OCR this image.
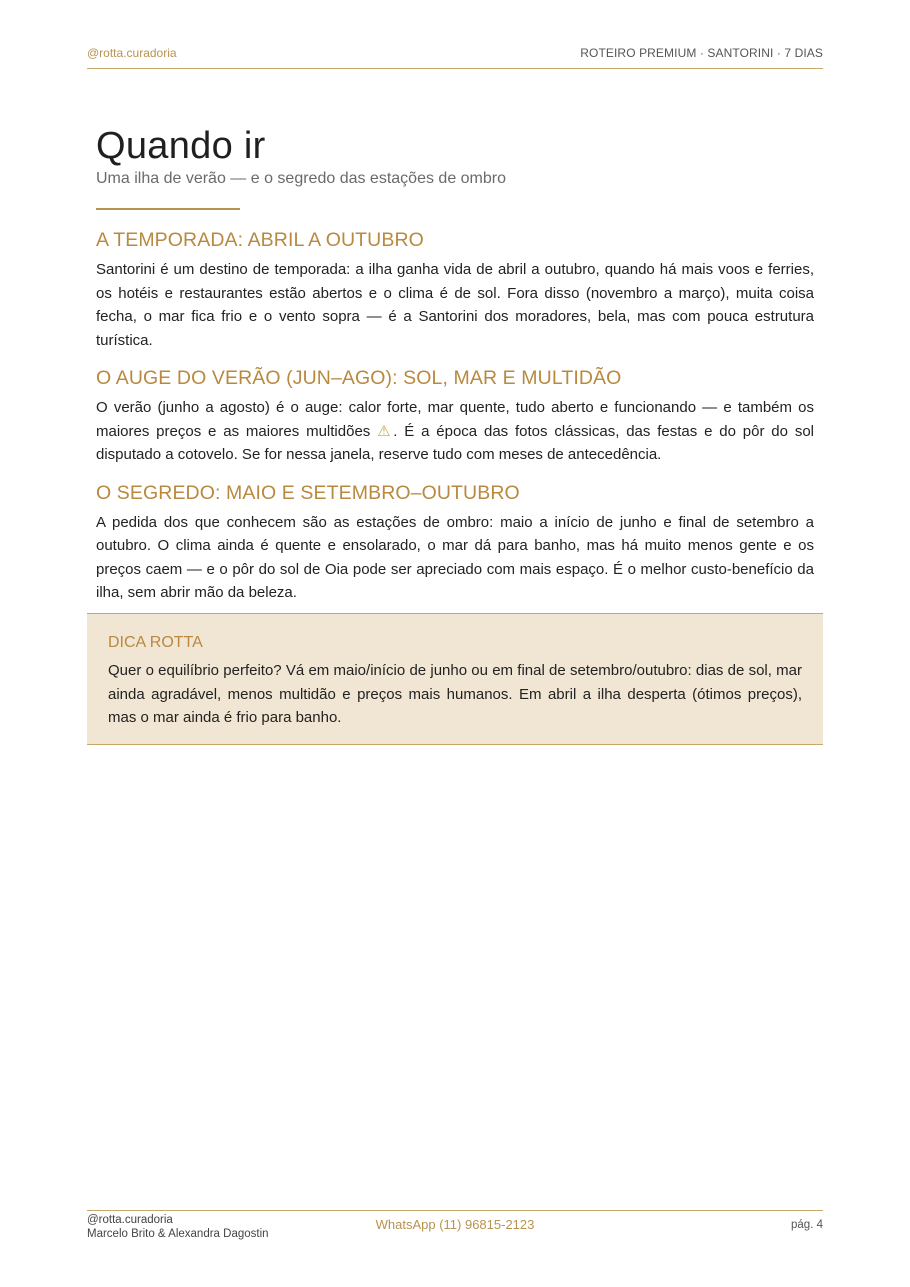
@rotta.curadoria	ROTEIRO PREMIUM · SANTORINI · 7 DIAS
Quando ir
Uma ilha de verão — e o segredo das estações de ombro
A TEMPORADA: ABRIL A OUTUBRO

Santorini é um destino de temporada: a ilha ganha vida de abril a outubro, quando há mais voos e ferries, os hotéis e restaurantes estão abertos e o clima é de sol. Fora disso (novembro a março), muita coisa fecha, o mar fica frio e o vento sopra — é a Santorini dos moradores, bela, mas com pouca estrutura turística.

O AUGE DO VERÃO (JUN–AGO): SOL, MAR E MULTIDÃO

O verão (junho a agosto) é o auge: calor forte, mar quente, tudo aberto e funcionando — e também os maiores preços e as maiores multidões ⚠. É a época das fotos clássicas, das festas e do pôr do sol disputado a cotovelo. Se for nessa janela, reserve tudo com meses de antecedência.

O SEGREDO: MAIO E SETEMBRO–OUTUBRO

A pedida dos que conhecem são as estações de ombro: maio a início de junho e final de setembro a outubro. O clima ainda é quente e ensolarado, o mar dá para banho, mas há muito menos gente e os preços caem — e o pôr do sol de Oia pode ser apreciado com mais espaço. É o melhor custo-benefício da ilha, sem abrir mão da beleza.

DICA ROTTA
Quer o equilíbrio perfeito? Vá em maio/início de junho ou em final de setembro/outubro: dias de sol, mar ainda agradável, menos multidão e preços mais humanos. Em abril a ilha desperta (ótimos preços), mas o mar ainda é frio para banho.
@rotta.curadoria
Marcelo Brito & Alexandra Dagostin
WhatsApp (11) 96815-2123	pág. 4
